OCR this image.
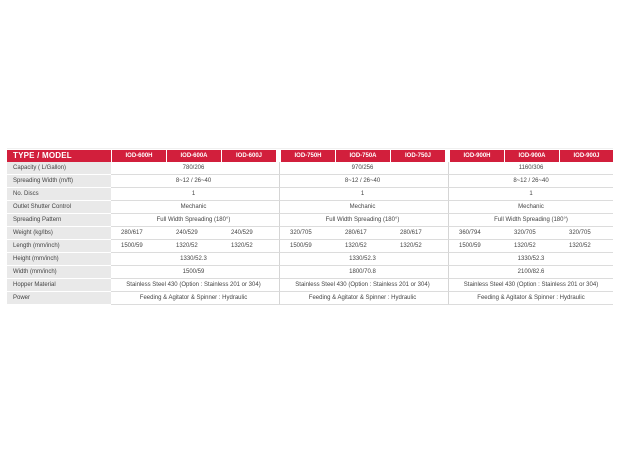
TYPE / MODEL	IOD-600H	IOD-600A	IOD-600J		IOD-750H	IOD-750A	IOD-750J		IOD-900H	IOD-900A	IOD-900J
Capacity ( L/Gallon)	780/206				970/256				1160/306		
Spreading Width (m/ft)	8~12 / 26~40				8~12 / 26~40				8~12 / 26~40		
No. Discs	1				1				1		
Outlet Shutter Control	Mechanic				Mechanic				Mechanic		
Spreading Pattern	Full Width Spreading (180°)				Full Width Spreading (180°)				Full Width Spreading (180°)		
Weight (kg/lbs)	280/617	240/529	240/529		320/705	280/617	280/617		360/794	320/705	320/705
Length (mm/inch)	1500/59	1320/52	1320/52		1500/59	1320/52	1320/52		1500/59	1320/52	1320/52
Height (mm/inch)	1330/52.3				1330/52.3				1330/52.3		
Width (mm/inch)	1500/59				1800/70.8				2100/82.6		
Hopper Material	Stainless Steel 430 (Option : Stainless 201 or 304)				Stainless Steel 430 (Option : Stainless 201 or 304)				Stainless Steel 430 (Option : Stainless 201 or 304)		
Power	Feeding & Agitator & Spinner : Hydraulic				Feeding & Agitator & Spinner : Hydraulic				Feeding & Agitator & Spinner : Hydraulic		
